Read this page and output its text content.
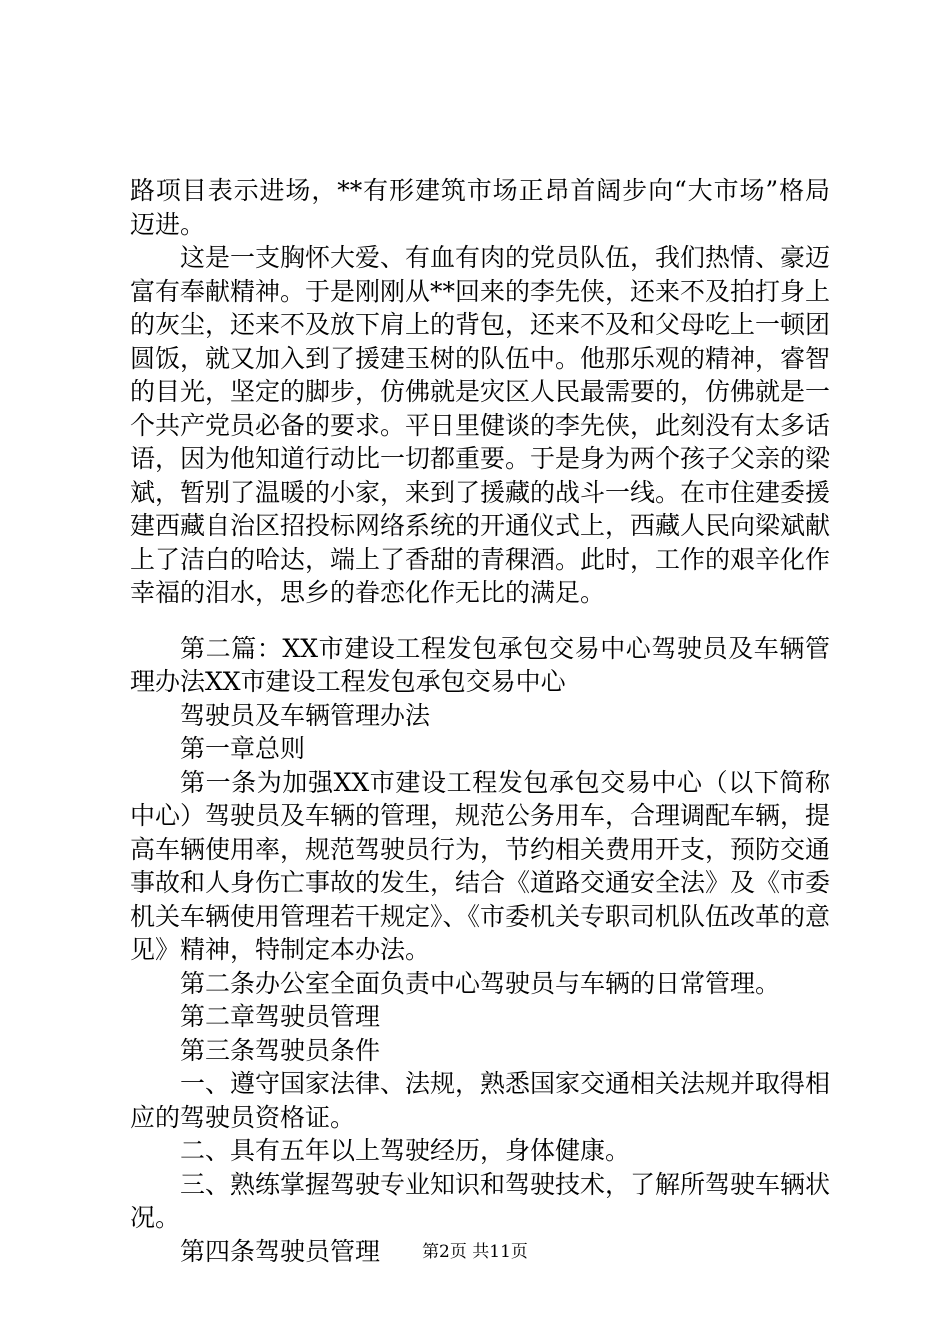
路项目表示进场，**有形建筑市场正昂首阔步向“大市场”格局迈进。

这是一支胸怀大爱、有血有肉的党员队伍，我们热情、豪迈富有奉献精神。于是刚刚从**回来的李先侠，还来不及拍打身上的灰尘，还来不及放下肩上的背包，还来不及和父母吃上一顿团圆饭，就又加入到了援建玉树的队伍中。他那乐观的精神，睿智的目光，坚定的脚步，仿佛就是灾区人民最需要的，仿佛就是一个共产党员必备的要求。平日里健谈的李先侠，此刻没有太多话语，因为他知道行动比一切都重要。于是身为两个孩子父亲的梁斌，暂别了温暖的小家，来到了援藏的战斗一线。在市住建委援建西藏自治区招投标网络系统的开通仪式上，西藏人民向梁斌献上了洁白的哈达，端上了香甜的青稞酒。此时，工作的艰辛化作幸福的泪水，思乡的眷恋化作无比的满足。

第二篇：XX市建设工程发包承包交易中心驾驶员及车辆管理办法XX市建设工程发包承包交易中心

驾驶员及车辆管理办法

第一章总则

第一条为加强XX市建设工程发包承包交易中心（以下简称中心）驾驶员及车辆的管理，规范公务用车，合理调配车辆，提高车辆使用率，规范驾驶员行为，节约相关费用开支，预防交通事故和人身伤亡事故的发生，结合《道路交通安全法》及《市委机关车辆使用管理若干规定》、《市委机关专职司机队伍改革的意见》精神，特制定本办法。

第二条办公室全面负责中心驾驶员与车辆的日常管理。

第二章驾驶员管理

第三条驾驶员条件

一、遵守国家法律、法规，熟悉国家交通相关法规并取得相应的驾驶员资格证。

二、具有五年以上驾驶经历，身体健康。

三、熟练掌握驾驶专业知识和驾驶技术，了解所驾驶车辆状况。

第四条驾驶员管理	第2页 共11页
